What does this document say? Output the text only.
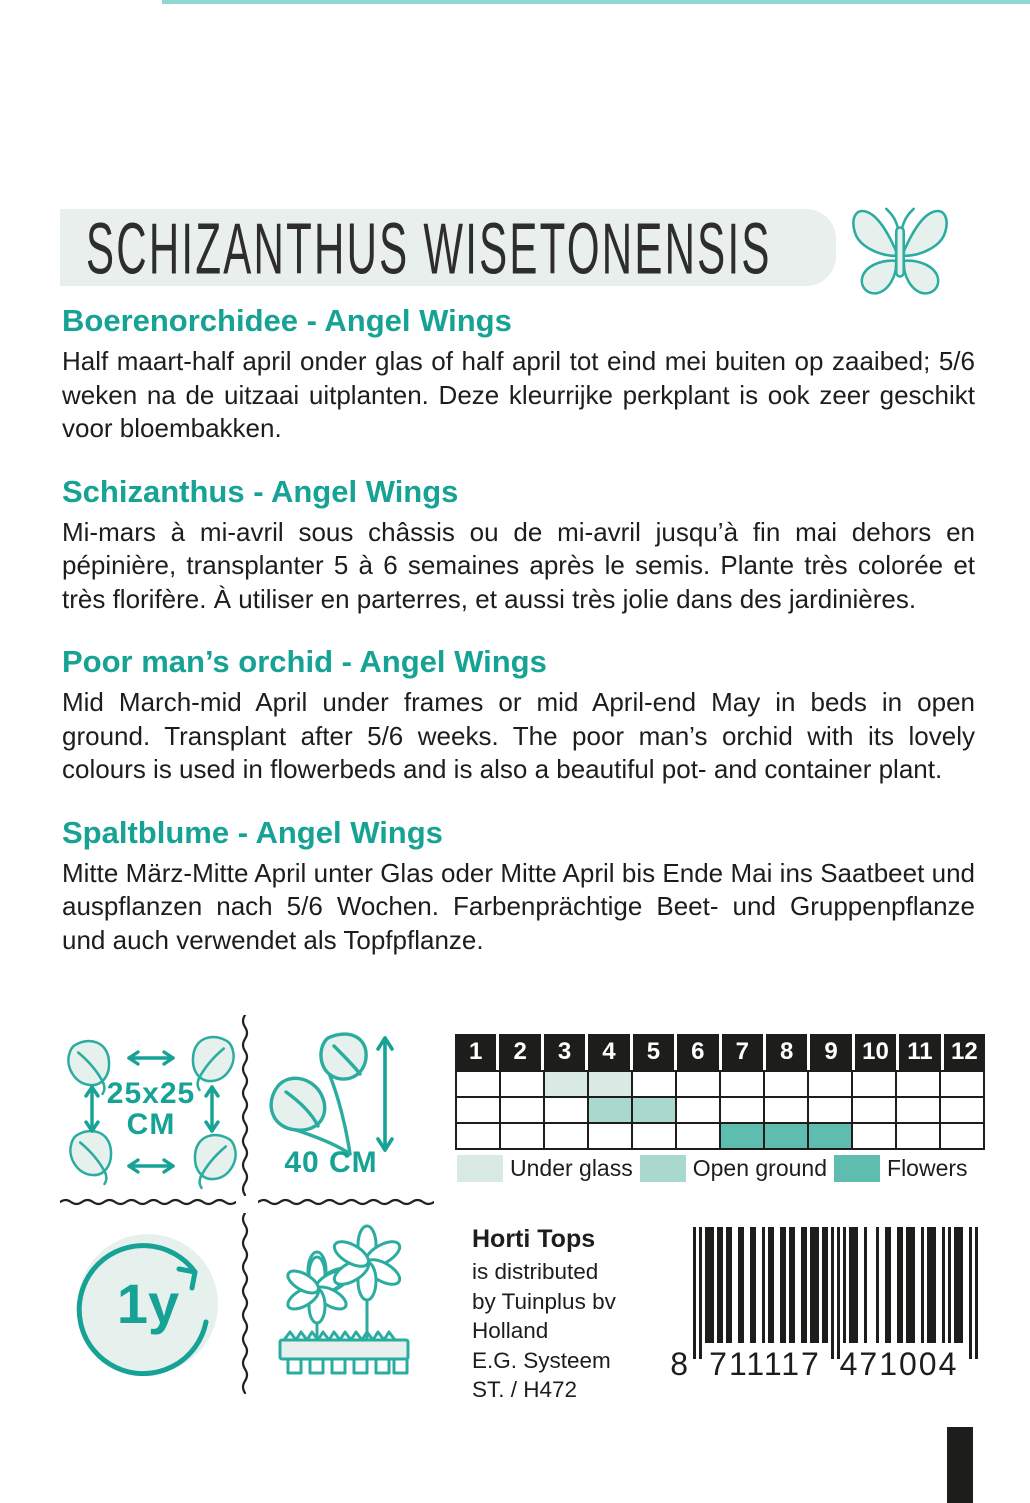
SCHIZANTHUS WISETONENSIS
Boerenorchidee - Angel Wings

Half maart-half april onder glas of half april tot eind mei buiten op zaaibed; 5/6 weken na de uitzaai uitplanten. Deze kleurrijke perkplant is ook zeer geschikt voor bloembakken.

Schizanthus - Angel Wings

Mi-mars à mi-avril sous châssis ou de mi-avril jusqu’à fin mai dehors en pépinière, transplanter 5 à 6 semaines après le semis. Plante très colorée et très florifère. À utiliser en parterres, et aussi très jolie dans des jardinières.

Poor man’s orchid - Angel Wings

Mid March-mid April under frames or mid April-end May in beds in open ground. Transplant after 5/6 weeks. The poor man’s orchid with its lovely colours is used in flowerbeds and is also a beautiful pot- and container plant.

Spaltblume - Angel Wings

Mitte März-Mitte April unter Glas oder Mitte April bis Ende Mai ins Saatbeet und auspflanzen nach 5/6 Wochen. Farbenprächtige Beet- und Gruppenpflanze und auch verwendet als Topfpflanze.

25x25
CM
40 CM
1	2	3	4	5	6	7	8	9	10 11 12
Under glass	Open ground	Flowers
1y
Horti Tops
is distributed
by Tuinplus bv
Holland
E.G. Systeem
ST. / H472
8 711117 471004
